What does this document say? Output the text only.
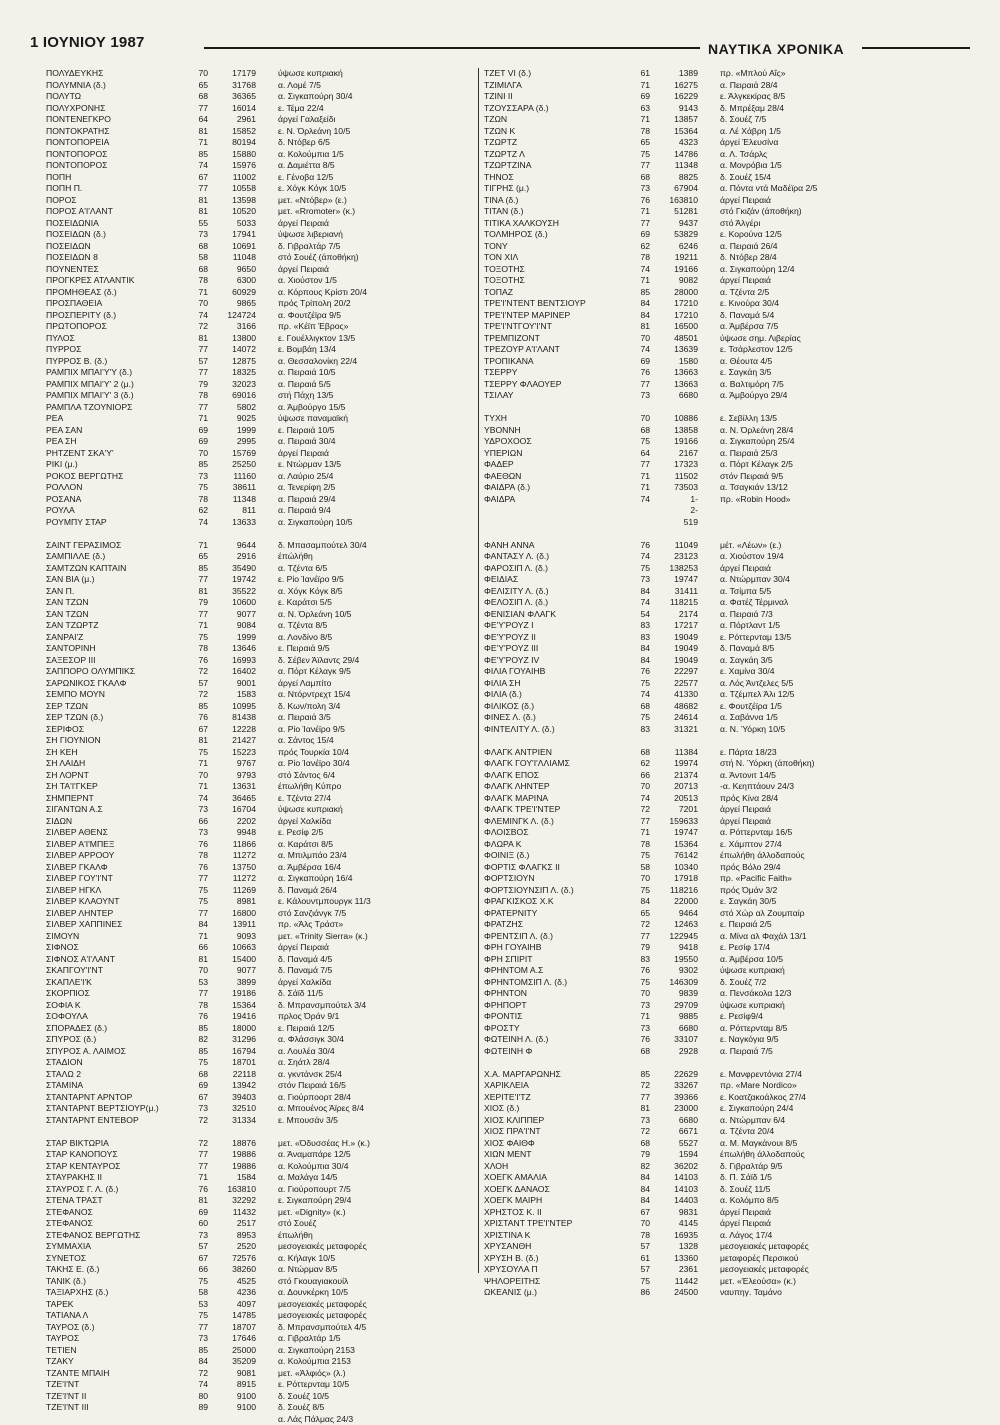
1 ΙΟΥΝΙΟΥ 1987	ΝΑΥΤΙΚΑ ΧΡΟΝΙΚΑ
ΠΟΛΥΔΕΥΚΗΣ	70	17179	ύψωσε κυπριακή
ΠΟΛΥΜΝΙΑ (δ.)	65	31768	α. Λομέ 7/5
ΠΟΛΥΤΩ	68	36365	α. Σιγκαπούρη 30/4
ΠΟΛΥΧΡΟΝΗΣ	77	16014	ε. Τέμα 22/4
ΠΟΝΤΕΝΕΓΚΡΟ	64	2961	άργεί Γαλαξείδι
ΠΟΝΤΟΚΡΑΤΗΣ	81	15852	ε. Ν. Όρλεάνη 10/5
ΠΟΝΤΟΠΟΡΕΙΑ	71	80194	δ. Ντόβερ 6/5
ΠΟΝΤΟΠΟΡΟΣ	85	15880	α. Κολούμπια 1/5
ΠΟΝΤΟΠΟΡΟΣ	74	15976	α. Δαμιέττα 8/5
ΠΟΠΗ	67	11002	ε. Γένοβα 12/5
ΠΟΠΗ Π.	77	10558	ε. Χόγκ Κόγκ 10/5
ΠΟΡΟΣ	81	13598	μετ. «Ντόβερ» (ε.)
ΠΟΡΟΣ Α'Ι'ΛΑΝΤ	81	10520	μετ. «Rromoter» (κ.)
ΠΟΣΕΙΔΩΝΙΑ	55	5033	άργεί Πειραιά
ΠΟΣΕΙΔΩΝ (δ.)	73	17941	ύψωσε λιβεριανή
ΠΟΣΕΙΔΩΝ	68	10691	δ. Γιβραλτάρ 7/5
ΠΟΣΕΙΔΩΝ 8	58	11048	στό Σουέζ (άποθήκη)
ΠΟΥΝΕΝΤΕΣ	68	9650	άργεί Πειραιά
ΠΡΟΓΚΡΕΣ ΑΤΛΑΝΤΙΚ	78	6300	α. Χιούστον 1/5
ΠΡΟΜΗΘΕΑΣ (δ.)	71	60929	α. Κόρπους Κρίστι 20/4
ΠΡΟΣΠΑΘΕΙΑ	70	9865	πρός Τρίπολη 20/2
ΠΡΟΣΠΕΡΙΤΥ (δ.)	74	124724	α. Φουτζέϊρα 9/5
ΠΡΩΤΟΠΟΡΟΣ	72	3166	πρ. «Κέϊπ Έβρος»
ΠΥΛΟΣ	81	13800	ε. Γουέλλιγκτον 13/5
ΠΥΡΡΟΣ	77	14072	ε. Βομβάη 13/4
ΠΥΡΡΟΣ Β. (δ.)	57	12875	α. Θεσσαλονίκη 22/4
ΡΑΜΠΙΧ ΜΠΑΙ'Υ'Υ (δ.)	77	18325	α. Πειραιά 10/5
ΡΑΜΠΙΧ ΜΠΑΙ'Υ' 2 (μ.)	79	32023	α. Πειραιά 5/5
ΡΑΜΠΙΧ ΜΠΑΙ'Υ' 3 (δ.)	78	69016	στή Πάχη 13/5
ΡΑΜΠΛΑ ΤΖΟΥΝΙΟΡΣ	77	5802	α. Άμβούργο 15/5
ΡΕΑ	71	9025	ύψωσε παναμαϊκή
ΡΕΑ ΣΑΝ	69	1999	ε. Πειραιά 10/5
ΡΕΑ ΣΗ	69	2995	α. Πειραιά 30/4
ΡΗΤΖΕΝΤ ΣΚΑ'Υ'	70	15769	άργεί Πειραιά
ΡΙΚΙ (μ.)	85	25250	ε. Ντώρμαν 13/5
ΡΟΚΟΣ ΒΕΡΓΩΤΗΣ	73	11160	α. Λαύριο 25/4
ΡΟΛΛΟΝ	75	38611	α. Τενερίφη 2/5
ΡΟΣΑΝΑ	78	11348	α. Πειραιά 29/4
ΡΟΥΛΑ	62	811	α. Πειραιά 9/4
ΡΟΥΜΠΥ ΣΤΑΡ	74	13633	α. Σιγκαπούρη 10/5
ΣΑΙΝΤ ΓΕΡΑΣΙΜΟΣ	71	9644	δ. Μπασαμπούτελ 30/4
ΣΑΜΠΙΛΛΕ (δ.)	65	2916	έπώλήθη
ΣΑΜΤΖΩΝ ΚΑΠΤΑΙΝ	85	35490	α. Τζέντα 6/5
ΣΑΝ ΒΙΑ (μ.)	77	19742	ε. Ρίο Ίανέϊρο 9/5
ΣΑΝ Π.	81	35522	α. Χόγκ Κόγκ 8/5
ΣΑΝ ΤΖΩΝ	79	10600	ε. Καράτσι 5/5
ΣΑΝ ΤΖΩΝ	77	9077	α. Ν. Όρλεάνη 10/5
ΣΑΝ ΤΖΩΡΤΖ	71	9084	α. Τζέντα 8/5
ΣΑΝΡΑΙ'Ζ	75	1999	α. Λονδίνο 8/5
ΣΑΝΤΟΡΙΝΗ	78	13646	ε. Πειραιά 9/5
ΣΑΞΕΣΟΡ ΙΙΙ	76	16993	δ. Σέβεν Άϊλαντς 29/4
ΣΑΠΠΟΡΟ ΟΛΥΜΠΙΚΣ	72	16402	α. Πόρτ Κέλαγκ 9/5
ΣΑΡΩΝΙΚΟΣ ΓΚΑΛΦ	57	9001	άργεί Λαμπίτο
ΣΕΜΠΟ ΜΟΥΝ	72	1583	α. Ντόρντρεχτ 15/4
ΣΕΡ ΤΖΩΝ	85	10995	δ. Κων/πολη 3/4
ΣΕΡ ΤΖΩΝ (δ.)	76	81438	α. Πειραιά 3/5
ΣΕΡΙΦΟΣ	67	12228	α. Ρίο Ίανέϊρο 9/5
ΣΗ ΓΙΟΥΝΙΟΝ	81	21427	α. Σάντος 15/4
ΣΗ ΚΕΗ	75	15223	πρός Τουρκία 10/4
ΣΗ ΛΑΙΔΗ	71	9767	α. Ρίο Ίανέϊρο 30/4
ΣΗ ΛΟΡΝΤ	70	9793	στό Σάντος 6/4
ΣΗ ΤΑ'Ι'ΓΚΕΡ	71	13631	έπωλήθη Κύπρο
ΣΗΜΠΕΡΝΤ	74	36465	ε. Τζέντα 27/4
ΣΙΓΑΝΤΩΝ Α.Σ	73	16704	ύψωσε κυπριακή
ΣΙΔΩΝ	66	2202	άργεί Χαλκίδα
ΣΙΛΒΕΡ ΑΘΕΝΣ	73	9948	ε. Ρεσίφ 2/5
ΣΙΛΒΕΡ Α'Ι'ΜΠΕΞ	76	11866	α. Καράτσι 8/5
ΣΙΛΒΕΡ ΑΡΡΟΟΥ	78	11272	α. Μπιλμπάο 23/4
ΣΙΛΒΕΡ ΓΚΑΛΦ	76	13750	α. Άμβέρσα 16/4
ΣΙΛΒΕΡ ΓΟΥ'Ι'ΝΤ	77	11272	α. Σιγκαπούρη 16/4
ΣΙΛΒΕΡ ΗΓΚΛ	75	11269	δ. Παναμά 26/4
ΣΙΛΒΕΡ ΚΛΑΟΥΝΤ	75	8981	ε. Κάλουντμπουργκ 11/3
ΣΙΛΒΕΡ ΛΗΝΤΕΡ	77	16800	στό Σανζιάνγκ 7/5
ΣΙΛΒΕΡ ΧΑΠΠΙΝΕΣ	84	13911	πρ. «Άλς Τράστ»
ΣΙΜΟΥΝ	71	9093	μετ. «Trinity Sierra» (κ.)
ΣΙΦΝΟΣ	66	10663	άργεί Πειραιά
ΣΙΦΝΟΣ Α'Ι'ΛΑΝΤ	81	15400	δ. Παναμά 4/5
ΣΚΑΠΓΟΥ'Ι'ΝΤ	70	9077	δ. Παναμά 7/5
ΣΚΑΠΛΕ'Ι'Κ	53	3899	άργεί Χαλκίδα
ΣΚΟΡΠΙΟΣ	77	19186	δ. Σάϊδ 11/5
ΣΟΦΙΑ Κ	78	15364	δ. Μπρανσμπούτελ 3/4
ΣΟΦΟΥΛΑ	76	19416	πρλος Όράν 9/1
ΣΠΟΡΑΔΕΣ (δ.)	85	18000	ε. Πειραιά 12/5
ΣΠΥΡΟΣ (δ.)	82	31296	α. Φλάσσιγκ 30/4
ΣΠΥΡΟΣ Α. ΛΑΙΜΟΣ	85	16794	α. Λουλέα 30/4
ΣΤΑΔΙΟΝ	75	18701	α. Σηάτλ 28/4
ΣΤΑΛΩ 2	68	22118	α. γκντάνσκ 25/4
ΣΤΑΜΙΝΑ	69	13942	στόν Πειραιά 16/5
ΣΤΑΝΤΑΡΝΤ ΑΡΝΤΟΡ	67	39403	α. Γιούρποορτ 28/4
ΣΤΑΝΤΑΡΝΤ ΒΕΡΤΣΙΟΥΡ(μ.)	73	32510	α. Μπουένος Άϊρες 8/4
ΣΤΑΝΤΑΡΝΤ ΕΝΤΕΒΟΡ	72	31334	ε. Μπουσάν 3/5
ΣΤΑΡ ΒΙΚΤΩΡΙΑ	72	18876	μετ. «Όδυσσέας Η.» (κ.)
ΣΤΑΡ ΚΑΝΟΠΟΥΣ	77	19886	α. Άναμαπάρε 12/5
ΣΤΑΡ ΚΕΝΤΑΥΡΟΣ	77	19886	α. Κολούμπια 30/4
ΣΤΑΥΡΑΚΗΣ ΙΙ	71	1584	α. Μαλάγα 14/5
ΣΤΑΥΡΟΣ Γ. Λ. (δ.)	76	163810	α. Γιούροπουρτ 7/5
ΣΤΕΝΑ ΤΡΑΣΤ	81	32292	ε. Σιγκαπούρη 29/4
ΣΤΕΦΑΝΟΣ	69	11432	μετ. «Dignity» (κ.)
ΣΤΕΦΑΝΟΣ	60	2517	στό Σουέζ
ΣΤΕΦΑΝΟΣ ΒΕΡΓΩΤΗΣ	73	8953	έπωλήθη
ΣΥΜΜΑΧΙΑ	57	2520	μεσογειακές μεταφορές
ΣΥΝΕΤΟΣ	67	72576	α. Κήλαγκ 10/5
ΤΑΚΗΣ Ε. (δ.)	66	38260	α. Ντώρμαν 8/5
ΤΑΝΙΚ (δ.)	75	4525	στό Γκουαγιακουίλ
ΤΑΞΙΑΡΧΗΣ (δ.)	58	4236	α. Δουνκέρκη 10/5
ΤΑΡΕΚ	53	4097	μεσογειακές μεταφορές
ΤΑΤΙΑΝΑ Λ	75	14785	μεσογειακές μεταφορές
ΤΑΥΡΟΣ (δ.)	77	18707	δ. Μπρανσμπούτελ 4/5
ΤΑΥΡΟΣ	73	17646	α. Γιβραλτάρ 1/5
ΤΕΤΙΕΝ	85	25000	α. Σιγκαπούρη 2153
ΤΖΑΚΥ	84	35209	α. Κολούμπια 2153
ΤΖΑΝΤΕ ΜΠΑΙΗ	72	9081	μετ. «Άλφιός» (λ.)
ΤΖΕ'Ι'ΝΤ	74	8915	ε. Ρόττερνταμ 10/5
ΤΖΕ'Ι'ΝΤ ΙΙ	80	9100	δ. Σουέζ 10/5
ΤΖΕ'Ι'ΝΤ ΙΙΙ	89	9100	δ. Σουέζ 8/5
α. Λάς Πάλμας 24/3
ΤΖΕΤ VI (δ.)	61	1389	πρ. «Μπλού Αΐς»
ΤΖΙΜΙΛΓΑ	71	16275	α. Πειραιά 28/4
ΤΖΙΝΙ ΙΙ	69	16229	ε. Άλγκεκίρας 8/5
ΤΖΟΥΣΣΑΡΑ (δ.)	63	9143	δ. Μπρέξαμ 28/4
ΤΖΩΝ	71	13857	δ. Σουέζ 7/5
ΤΖΩΝ Κ	78	15364	α. Λέ Χάβρη 1/5
ΤΖΩΡΤΖ	65	4323	άργεί Έλευσίνα
ΤΖΩΡΤΖ Λ	75	14786	α. Λ. Τσάρλς
ΤΖΩΡΤΖΙΝΑ	77	11348	α. Μονρόβια 1/5
ΤΗΝΟΣ	68	8825	δ. Σουέζ 15/4
ΤΙΓΡΗΣ (μ.)	73	67904	α. Πόντα ντά Μαδέϊρα 2/5
ΤΙΝΑ (δ.)	76	163810	άργεί Πειραιά
ΤΙΤΑΝ (δ.)	71	51281	στό Γκιζάν (άποθήκη)
ΤΙΤΙΚΑ ΧΑΛΚΟΥΣΗ	77	9437	στό Άλγέρι
ΤΟΛΜΗΡΟΣ (δ.)	69	53829	ε. Κορούνα 12/5
ΤΟΝΥ	62	6246	α. Πειραιά 26/4
ΤΟΝ ΧΙΛ	78	19211	δ. Ντόβερ 28/4
ΤΟΞΟΤΗΣ	74	19166	α. Σιγκαπούρη 12/4
ΤΟΞΟΤΗΣ	71	9082	άργεί Πειραιά
ΤΟΠΑΖ	85	28000	α. Τζέντα 2/5
ΤΡΕ'Ι'ΝΤΕΝΤ ΒΕΝΤΣΙΟΥΡ	84	17210	ε. Κινούρα 30/4
ΤΡΕ'Ι'ΝΤΕΡ ΜΑΡΙΝΕΡ	84	17210	δ. Παναμά 5/4
ΤΡΕ'Ι'ΝΤΓΟΥ'Ι'ΝΤ	81	16500	α. Άμβέρσα 7/5
ΤΡΕΜΠΙΖΟΝΤ	70	48501	ύψωσε σημ. Λιβερίας
ΤΡΕΖΟΥΡ Α'Ι'ΛΑΝΤ	74	13639	ε. Τσάρλεστον 12/5
ΤΡΟΠΙΚΑΝΑ	69	1580	α. Θέουτα 4/5
ΤΣΕΡΡΥ	76	13663	ε. Σαγκάη 3/5
ΤΣΕΡΡΥ ΦΛΑΟΥΕΡ	77	13663	α. Βαλτιμόρη 7/5
ΤΣΙΛΑΥ	73	6680	α. Άμβούργο 29/4
ΤΥΧΗ	70	10886	ε. Σεβίλλη 13/5
ΥΒΟΝΝΗ	68	13858	α. Ν. Όρλεάνη 28/4
ΥΔΡΟΧΟΟΣ	75	19166	α. Σιγκαπούρη 25/4
ΥΠΕΡΙΩΝ	64	2167	α. Πειραιά 25/3
ΦΑΔΕΡ	77	17323	α. Πόρτ Κέλαγκ 2/5
ΦΑΕΘΩΝ	71	11502	στόν Πειραιά 9/5
ΦΑΙΔΡΑ (δ.)	71	73503	α. Τσαγκιάν 13/12
ΦΑΙΔΡΑ	74	1-	πρ. «Robin Hood»
2-
519
ΦΑΝΗ ΑΝΝΑ	76	11049	μέτ. «Λέων» (ε.)
ΦΑΝΤΑΣΥ Λ. (δ.)	74	23123	α. Χιούστον 19/4
ΦΑΡΟΣΙΠ Λ. (δ.)	75	138253	άργεί Πειραιά
ΦΕΙΔΙΑΣ	73	19747	α. Ντώρμπαν 30/4
ΦΕΛΙΣΙΤΥ Λ. (δ.)	84	31411	α. Τσίμπα 5/5
ΦΕΛΟΣΙΠ Λ. (δ.)	74	118215	α. Φατέζ Τέρμιναλ
ΦΕΝΙΣΙΑΝ ΦΛΑΓΚ	54	2174	α. Πειραιά 7/3
ΦΕ'Υ'ΡΟΥΖ Ι	83	17217	α. Πόρτλαντ 1/5
ΦΕ'Υ'ΡΟΥΖ ΙΙ	83	19049	ε. Ρόττερνταμ 13/5
ΦΕ'Υ'ΡΟΥΖ ΙΙΙ	84	19049	δ. Παναμά 8/5
ΦΕ'Υ'ΡΟΥΖ ΙV	84	19049	α. Σαγκάη 3/5
ΦΙΛΙΑ ΓΟΥΑΙΗΒ	76	22297	ε. Χαμίνα 30/4
ΦΙΛΙΑ ΣΗ	75	22577	α. Λός Άντζελες 5/5
ΦΙΛΙΑ (δ.)	74	41330	α. Τζέμπελ Άλι 12/5
ΦΙΛΙΚΟΣ (δ.)	68	48682	ε. Φουτζέϊρα 1/5
ΦΙΝΕΣ Λ. (δ.)	75	24614	α. Σαβάννα 1/5
ΦΙΝΤΕΛΙΤΥ Λ. (δ.)	83	31321	α. Ν. Ύόρκη 10/5
ΦΛΑΓΚ ΑΝΤΡΙΕΝ	68	11384	ε. Πάρτα 18/23
ΦΛΑΓΚ ΓΟΥ'Ι'ΛΛΙΑΜΣ	62	19974	στή Ν. Ύόρκη (άποθήκη)
ΦΛΑΓΚ ΕΠΟΣ	66	21374	α. Άντονιτ 14/5
ΦΛΑΓΚ ΛΗΝΤΕΡ	70	20713	-α. Κεηπτάουν 24/3
ΦΛΑΓΚ ΜΑΡΙΝΑ	74	20513	πρός Κίνα 28/4
ΦΛΑΓΚ ΤΡΕ'Ι'ΝΤΕΡ	72	7201	άργεί Πειραιά
ΦΛΕΜΙΝΓΚ Λ. (δ.)	77	159633	άργεί Πειραιά
ΦΛΟΙΣΒΟΣ	71	19747	α. Ρόττερνταμ 16/5
ΦΛΩΡΑ Κ	78	15364	ε. Χάμπτον 27/4
ΦΟΙΝΙΞ (δ.)	75	76142	έπωλήθη άλλοδαπούς
ΦΟΡΤΙΣ ΦΛΑΓΚΣ ΙΙ	58	10340	πρός Βόλο 29/4
ΦΟΡΤΣΙΟΥΝ	70	17918	πρ. «Pacific Faith»
ΦΟΡΤΣΙΟΥΝΣΙΠ Λ. (δ.)	75	118216	πρός Όμάν 3/2
ΦΡΑΓΚΙΣΚΟΣ Χ.Κ	84	22000	ε. Σαγκάη 30/5
ΦΡΑΤΕΡΝΙΤΥ	65	9464	στό Χώρ αλ Ζουμπαίρ
ΦΡΑΤΖΗΣ	72	12463	ε. Πειραιά 2/5
ΦΡΕΝΤΣΙΠ Λ. (δ.)	77	122945	α. Μίνα αλ Φαχάλ 13/1
ΦΡΗ ΓΟΥΑΙΗΒ	79	9418	ε. Ρεσίφ 17/4
ΦΡΗ ΣΠΙΡΙΤ	83	19550	α. Άμβέρσα 10/5
ΦΡΗΝΤΟΜ Α.Σ	76	9302	ύψωσε κυπριακή
ΦΡΗΝΤΟΜΣΙΠ Λ. (δ.)	75	146309	δ. Σουέζ 7/2
ΦΡΗΝΤΟΝ	70	9839	α. Πενσάκολα 12/3
ΦΡΗΠΟΡΤ	73	29709	ύψωσε κυπριακή
ΦΡΟΝΤΙΣ	71	9885	ε. Ρεσίφ9/4
ΦΡΟΣΤΥ	73	6680	α. Ρόττερνταμ 8/5
ΦΩΤΕΙΝΗ Λ. (δ.)	76	33107	ε. Ναγκόγια 9/5
ΦΩΤΕΙΝΗ Φ	68	2928	α. Πειραιά 7/5
Χ.Α. ΜΑΡΓΑΡΩΝΗΣ	85	22629	ε. Μανφρεντόνια 27/4
ΧΑΡΙΚΛΕΙΑ	72	33267	πρ. «Mare Nordico»
ΧΕΡΙΤΕ'Ι'ΤΖ	77	39366	ε. Κοατζακοάλκος 27/4
ΧΙΟΣ (δ.)	81	23000	ε. Σιγκαπούρη 24/4
ΧΙΟΣ ΚΛΙΠΠΕΡ	73	6680	α. Ντώρμπαν 6/4
ΧΙΟΣ ΠΡΑ'Ι'ΝΤ	72	6671	α. Τζέντα 20/4
ΧΙΟΣ ΦΑΙΘΦ	68	5527	α. Μ. Μαγκάνουι 8/5
ΧΙΩΝ ΜΕΝΤ	79	1594	έπωλήθη άλλοδαπούς
ΧΛΟΗ	82	36202	δ. Γιβραλτάρ 9/5
ΧΟΕΓΚ ΑΜΑΛΙΑ	84	14103	δ. Π. Σάϊδ 1/5
ΧΟΕΓΚ ΔΑΝΑΟΣ	84	14103	δ. Σουέζ 11/5
ΧΟΕΓΚ ΜΑΙΡΗ	84	14403	α. Κολόμπο 8/5
ΧΡΗΣΤΟΣ Κ. ΙΙ	67	9831	άργεί Πειραιά
ΧΡΙΣΤΑΝΤ ΤΡΕ'Ι'ΝΤΕΡ	70	4145	άργεί Πειραιά
ΧΡΙΣΤΙΝΑ Κ	78	16935	α. Λάγος 17/4
ΧΡΥΣΑΝΘΗ	57	1328	μεσογειακές μεταφορές
ΧΡΥΣΗ Β. (δ.)	61	13360	μεταφορές Περσικού
ΧΡΥΣΟΥΛΑ Π	57	2361	μεσογειακές μεταφορές
ΨΗΛΟΡΕΙΤΗΣ	75	11442	μετ. «Έλεούσα» (κ.)
ΩΚΕΑΝΙΣ (μ.)	86	24500	ναυπηγ. Ταμάνο
